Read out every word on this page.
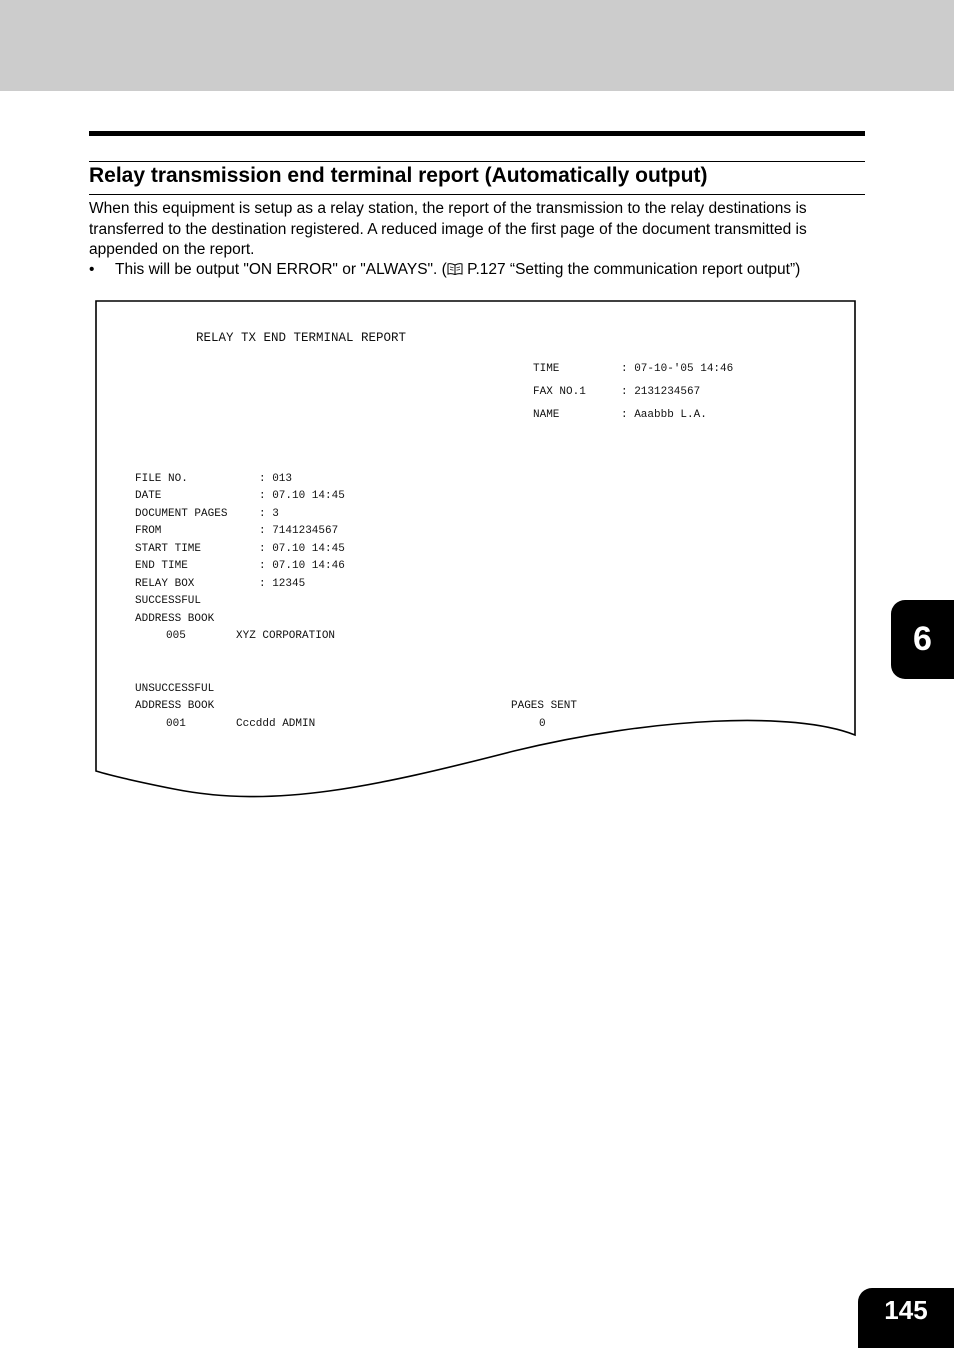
Relay transmission end terminal report (Automatically output)
When this equipment is setup as a relay station, the report of the transmission to the relay destinations is transferred to the destination registered. A reduced image of the first page of the document transmitted is appended on the report.
• This will be output "ON ERROR" or "ALWAYS". ( P.127 “Setting the communication report output”)
RELAY TX END TERMINAL REPORT
TIME	: 07-10-'05 14:46
FAX NO.1	: 2131234567
NAME	: Aaabbb L.A.
FILE NO.	: 013
DATE	: 07.10 14:45
DOCUMENT PAGES	: 3
FROM	: 7141234567
START TIME	: 07.10 14:45
END TIME	: 07.10 14:46
RELAY BOX	: 12345
SUCCESSFUL
ADDRESS BOOK
005	XYZ CORPORATION
UNSUCCESSFUL
ADDRESS BOOK	PAGES SENT
001	Cccddd ADMIN	0
6
145
